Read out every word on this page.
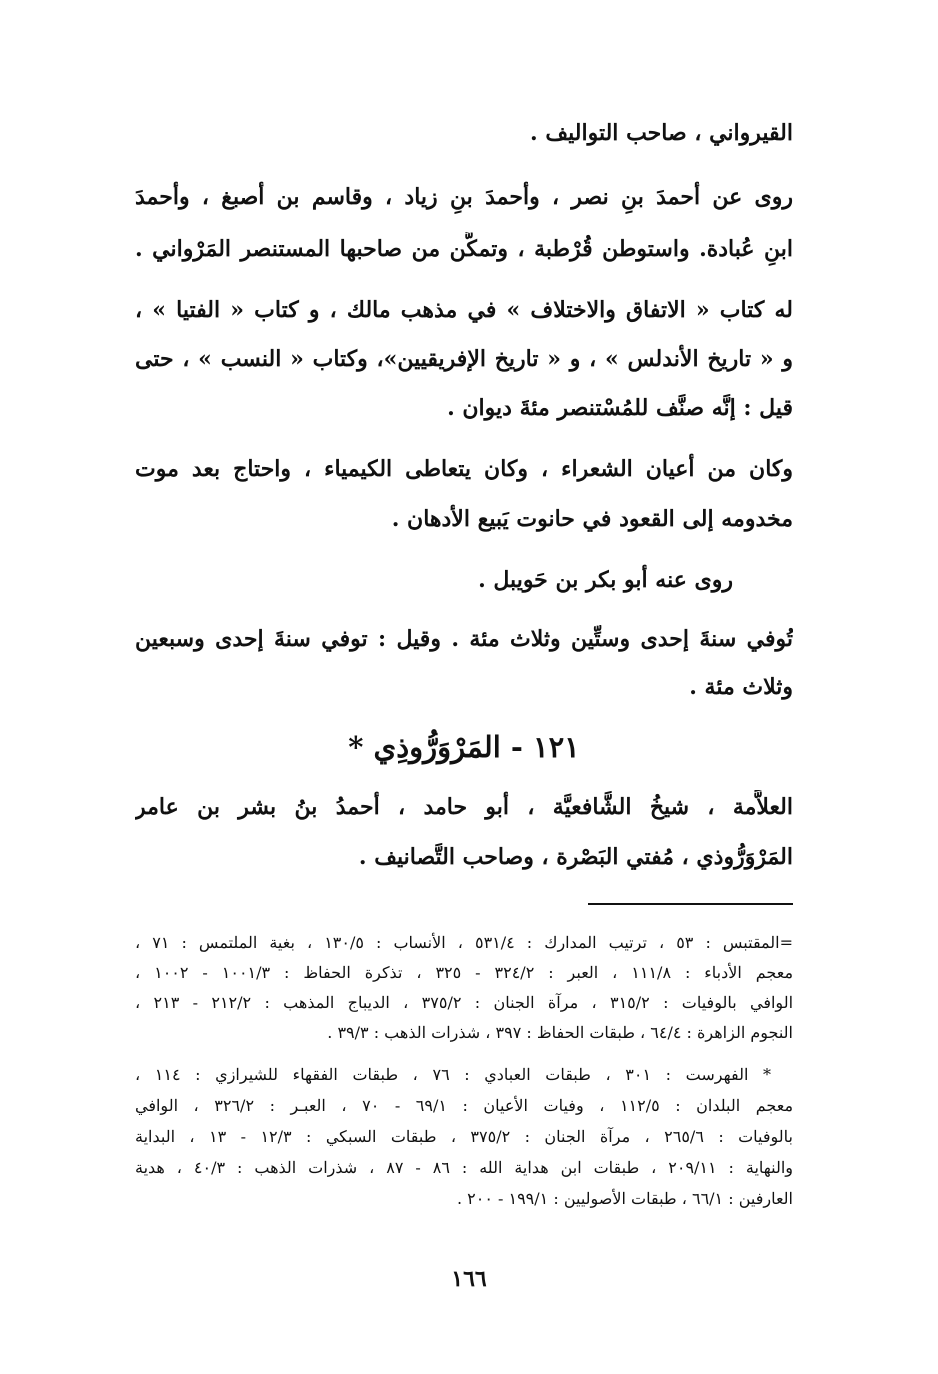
القيرواني ، صاحب التواليف .
روى عن أحمدَ بنِ نصر ، وأحمدَ بنِ زياد ، وقاسم بن أصبغ ، وأحمدَ
ابنِ عُبادة. واستوطن قُرْطبة ، وتمكَّن من صاحبها المستنصر المَرْواني .
له كتاب « الاتفاق والاختلاف » في مذهب مالك ، و كتاب « الفتيا » ،
و « تاريخ الأندلس » ، و « تاريخ الإفريقيين»، وكتاب « النسب » ، حتى
قيل : إنَّه صنَّف للمُسْتنصر مئةَ ديوان .
وكان من أعيان الشعراء ، وكان يتعاطى الكيمياء ، واحتاج بعد موت
مخدومه إلى القعود في حانوت يَبيع الأدهان .
روى عنه أبو بكر بن حَويبل .
تُوفي سنةَ إحدى وستِّين وثلاث مئة . وقيل : توفي سنةَ إحدى وسبعين
وثلاث مئة .
١٢١ - المَرْوَرُّوذِي *
العلاَّمة ، شيخُ الشَّافعيَّة ، أبو حامد ، أحمدُ بنُ بشر بن عامر
المَرْوَرُّوذي ، مُفتي البَصْرة ، وصاحب التَّصانيف .
=المقتبس : ٥٣ ، ترتيب المدارك : ٥٣١/٤ ، الأنساب : ١٣٠/٥ ، بغية الملتمس : ٧١ ،
معجم الأدباء : ١١١/٨ ، العبر : ٣٢٤/٢ - ٣٢٥ ، تذكرة الحفاظ : ١٠٠١/٣ - ١٠٠٢ ،
الوافي بالوفيات : ٣١٥/٢ ، مرآة الجنان : ٣٧٥/٢ ، الديباج المذهب : ٢١٢/٢ - ٢١٣ ،
النجوم الزاهرة : ٦٤/٤ ، طبقات الحفاظ : ٣٩٧ ، شذرات الذهب : ٣٩/٣ .
* الفهرست : ٣٠١ ، طبقات العبادي : ٧٦ ، طبقات الفقهاء للشيرازي : ١١٤ ،
معجم البلدان : ١١٢/٥ ، وفيات الأعيان : ٦٩/١ - ٧٠ ، العبـر : ٣٢٦/٢ ، الوافي
بالوفيات : ٢٦٥/٦ ، مرآة الجنان : ٣٧٥/٢ ، طبقات السبكي : ١٢/٣ - ١٣ ، البداية
والنهاية : ٢٠٩/١١ ، طبقات ابن هداية الله : ٨٦ - ٨٧ ، شذرات الذهب : ٤٠/٣ ، هدية
العارفين : ٦٦/١ ، طبقات الأصوليين : ١٩٩/١ - ٢٠٠ .
١٦٦
